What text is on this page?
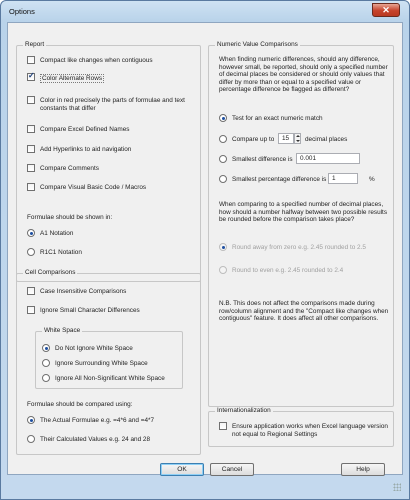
Options	✕
Report
Compact like changes when contiguous
✓
Color Alternate Rows
Color in red precisely the parts of formulae and text constants that differ
Compare Excel Defined Names
Add Hyperlinks to aid navigation
Compare Comments
Compare Visual Basic Code / Macros
Formulae should be shown in:
A1 Notation
R1C1 Notation
Cell Comparisons
Case Insensitive Comparisons
Ignore Small Character Differences
White Space
Do Not Ignore White Space
Ignore Surrounding White Space
Ignore All Non-Significant White Space
Formulae should be compared using:
The Actual Formulae e.g. =4*6 and =4*7
Their Calculated Values e.g. 24 and 28
Numeric Value Comparisons
When finding numeric differences, should any difference, however small, be reported, should only a specified number of decimal places be considered or should only values that differ by more than or equal to a specified value or percentage difference be flagged as different?
Test for an exact numeric match
Compare up to	15	decimal places
Smallest difference is	0.001
Smallest percentage difference is 1	%
When comparing to a specified number of decimal places, how should a number halfway between two possible results be rounded before the comparison takes place?
Round away from zero e.g. 2.45 rounded to 2.5
Round to even e.g. 2.45 rounded to 2.4
N.B. This does not affect the comparisons made during row/column alignment and the "Compact like changes when contiguous" feature. It does affect all other comparisons.
Internationalization
Ensure application works when Excel language version not equal to Regional Settings
OK	Cancel	Help
